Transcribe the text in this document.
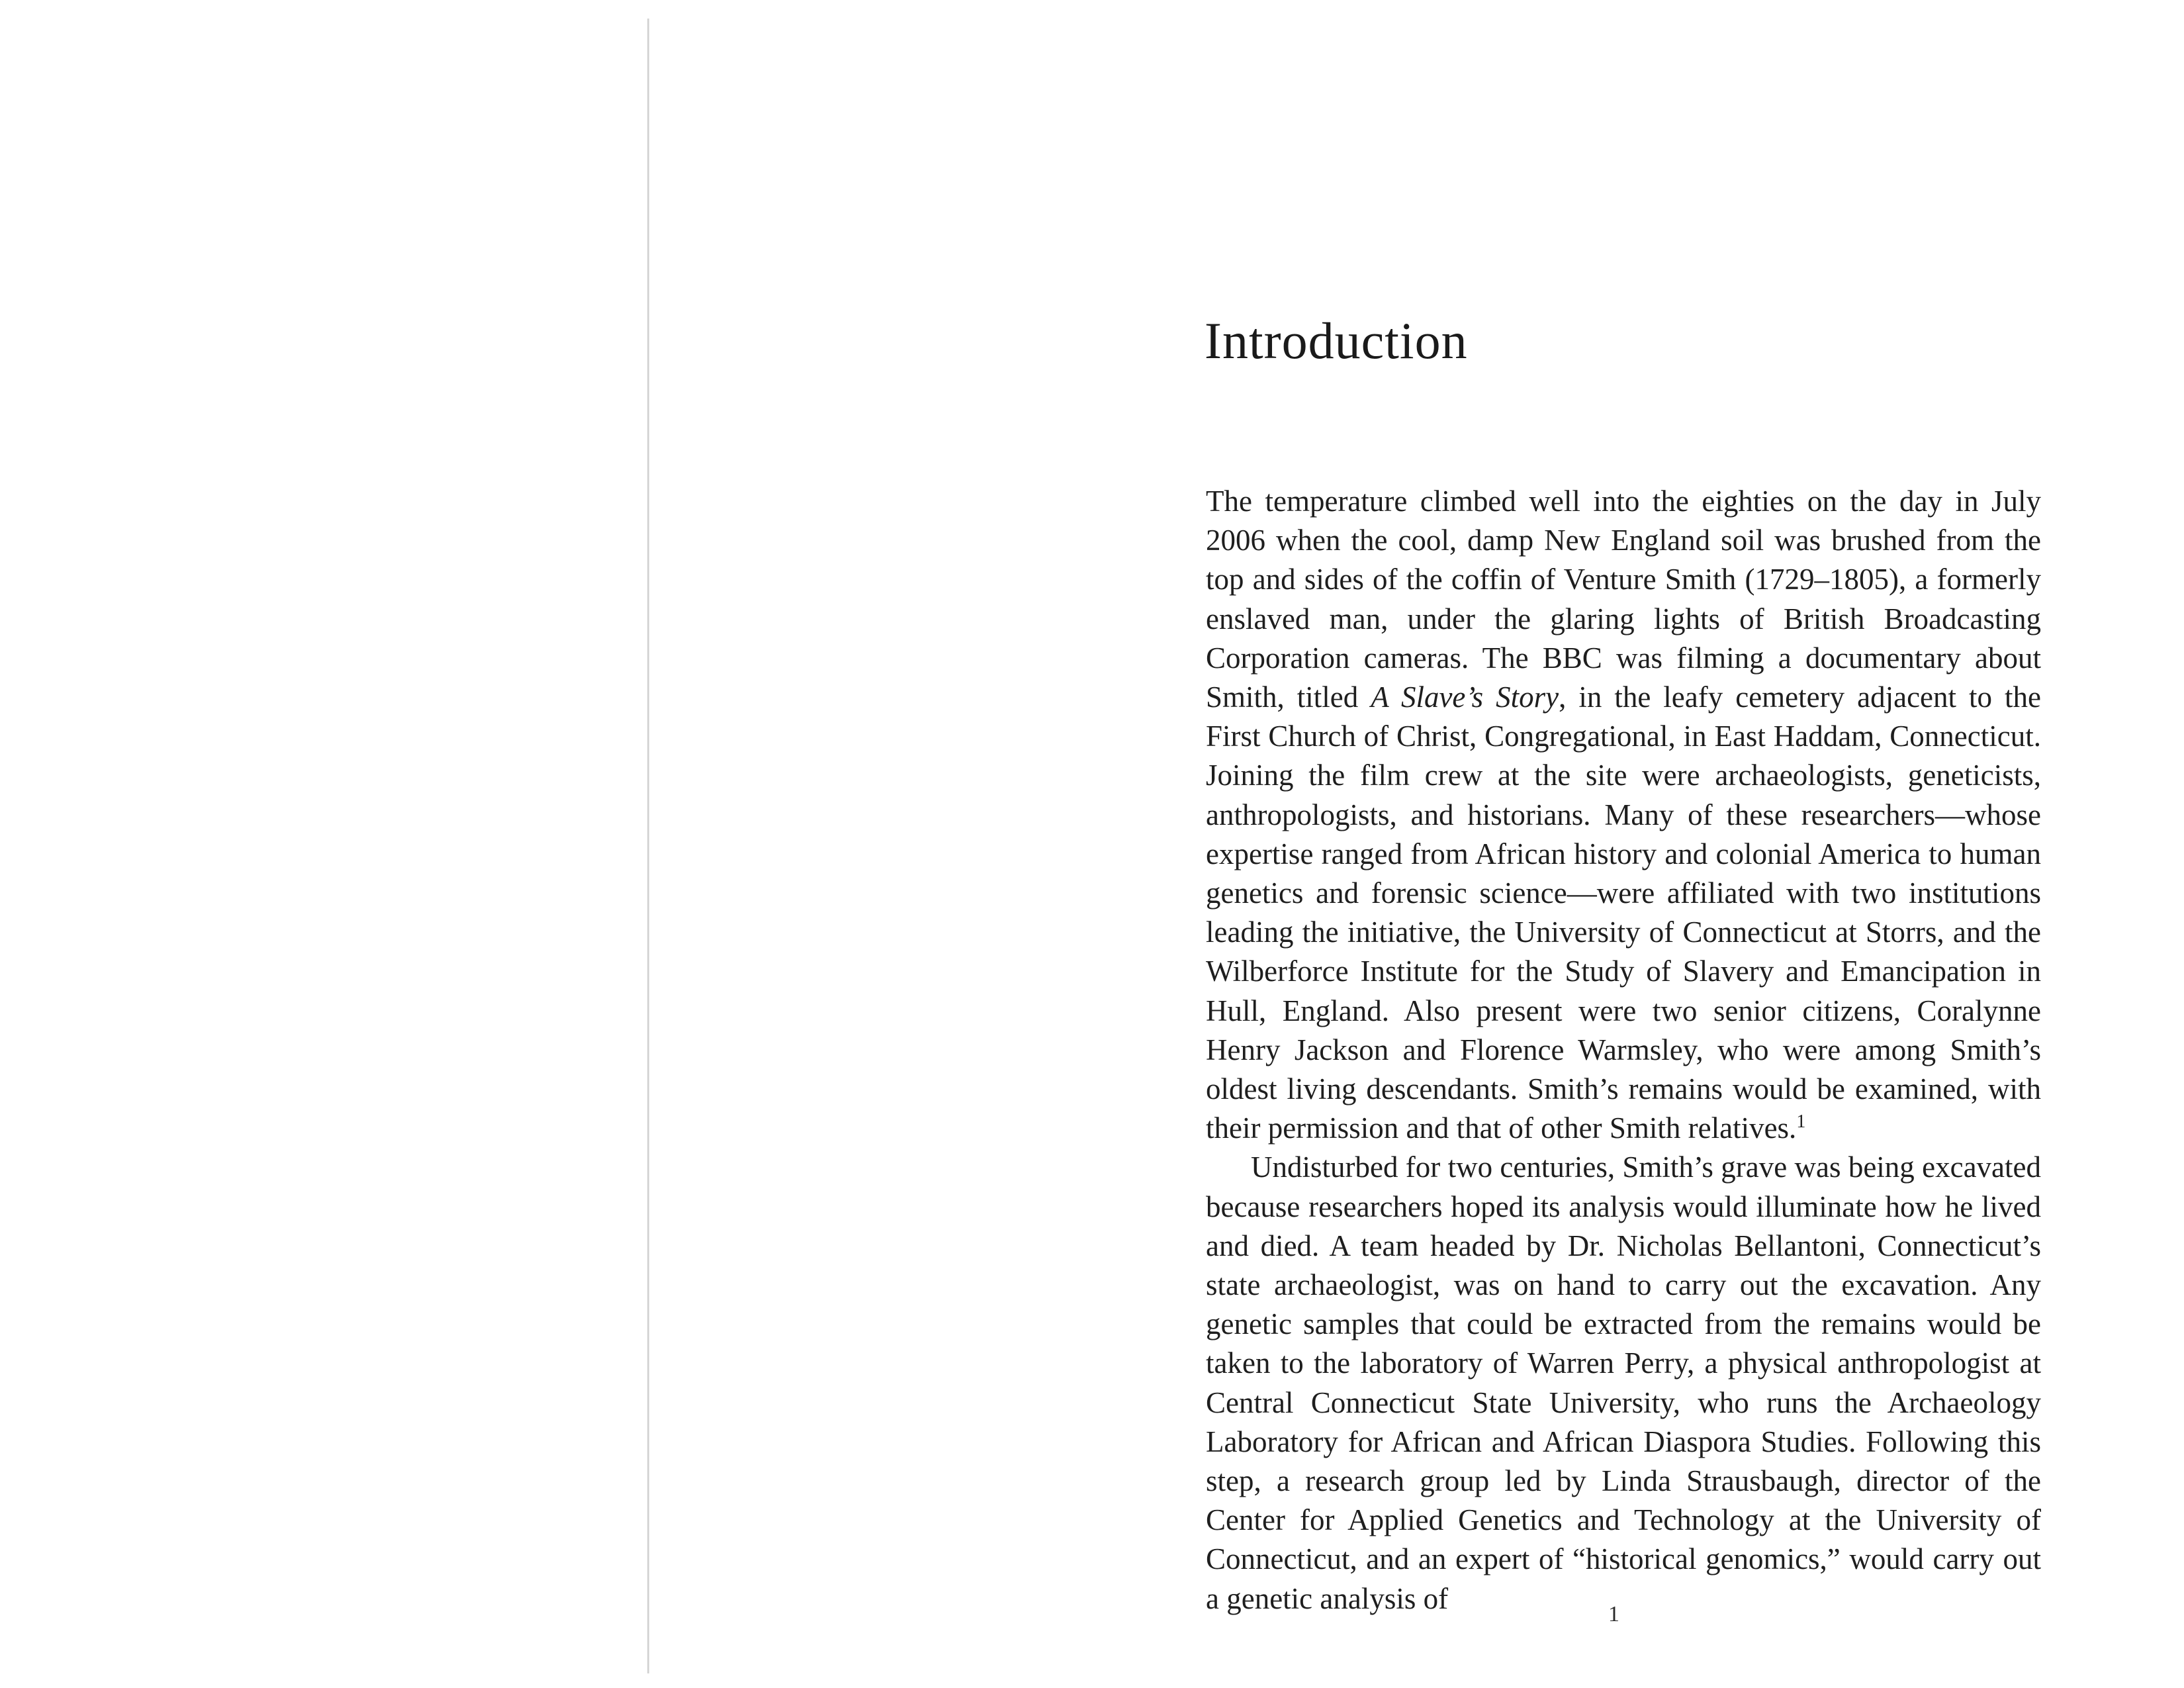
Introduction

The temperature climbed well into the eighties on the day in July 2006 when the cool, damp New England soil was brushed from the top and sides of the coffin of Venture Smith (1729–1805), a formerly enslaved man, under the glaring lights of British Broadcasting Corporation cameras. The BBC was filming a documentary about Smith, titled A Slave’s Story, in the leafy cemetery adjacent to the First Church of Christ, Congregational, in East Haddam, Connecticut. Joining the film crew at the site were archaeologists, geneticists, anthropologists, and historians. Many of these researchers—whose expertise ranged from African history and colonial America to human genetics and forensic science—were affiliated with two institutions leading the initiative, the University of Connecticut at Storrs, and the Wilberforce Institute for the Study of Slavery and Emancipation in Hull, England. Also present were two senior citizens, Coralynne Henry Jackson and Florence Warmsley, who were among Smith’s oldest living descendants. Smith’s remains would be examined, with their permission and that of other Smith relatives.$^1$

Undisturbed for two centuries, Smith’s grave was being excavated because researchers hoped its analysis would illuminate how he lived and died. A team headed by Dr. Nicholas Bellantoni, Connecticut’s state archaeologist, was on hand to carry out the excavation. Any genetic samples that could be extracted from the remains would be taken to the laboratory of Warren Perry, a physical anthropologist at Central Connecticut State University, who runs the Archaeology Laboratory for African and African Diaspora Studies. Following this step, a research group led by Linda Strausbaugh, director of the Center for Applied Genetics and Technology at the University of Connecticut, and an expert of “historical genomics,” would carry out a genetic analysis of	1
